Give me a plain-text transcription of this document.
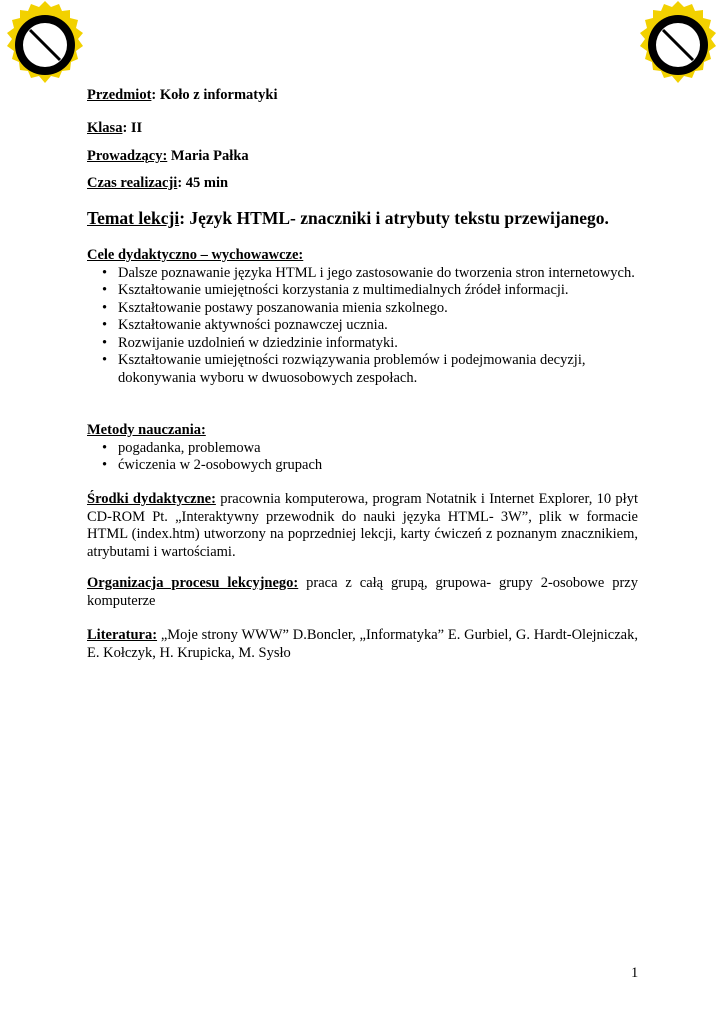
Przedmiot: Koło z informatyki
Klasa: II
Prowadzący: Maria Pałka
Czas realizacji: 45 min
Temat lekcji: Język HTML- znaczniki i atrybuty tekstu przewijanego.
Cele dydaktyczno – wychowawcze:
• Dalsze poznawanie języka HTML i jego zastosowanie do tworzenia stron internetowych.
• Kształtowanie umiejętności korzystania z multimedialnych źródeł informacji.
• Kształtowanie postawy poszanowania mienia szkolnego.
• Kształtowanie aktywności poznawczej ucznia.
• Rozwijanie uzdolnień w dziedzinie informatyki.
• Kształtowanie umiejętności rozwiązywania problemów i podejmowania decyzji, dokonywania wyboru w dwuosobowych zespołach.
Metody nauczania:
• pogadanka, problemowa
• ćwiczenia w 2-osobowych grupach
Środki dydaktyczne: pracownia komputerowa, program Notatnik i Internet Explorer, 10 płyt CD-ROM Pt. „Interaktywny przewodnik do nauki języka HTML- 3W”, plik w formacie HTML (index.htm) utworzony na poprzedniej lekcji, karty ćwiczeń z poznanym znacznikiem, atrybutami i wartościami.
Organizacja procesu lekcyjnego: praca z całą grupą, grupowa- grupy 2-osobowe przy komputerze
Literatura: „Moje strony WWW” D.Boncler, „Informatyka” E. Gurbiel, G. Hardt-Olejniczak, E. Kołczyk, H. Krupicka, M. Sysło
1
